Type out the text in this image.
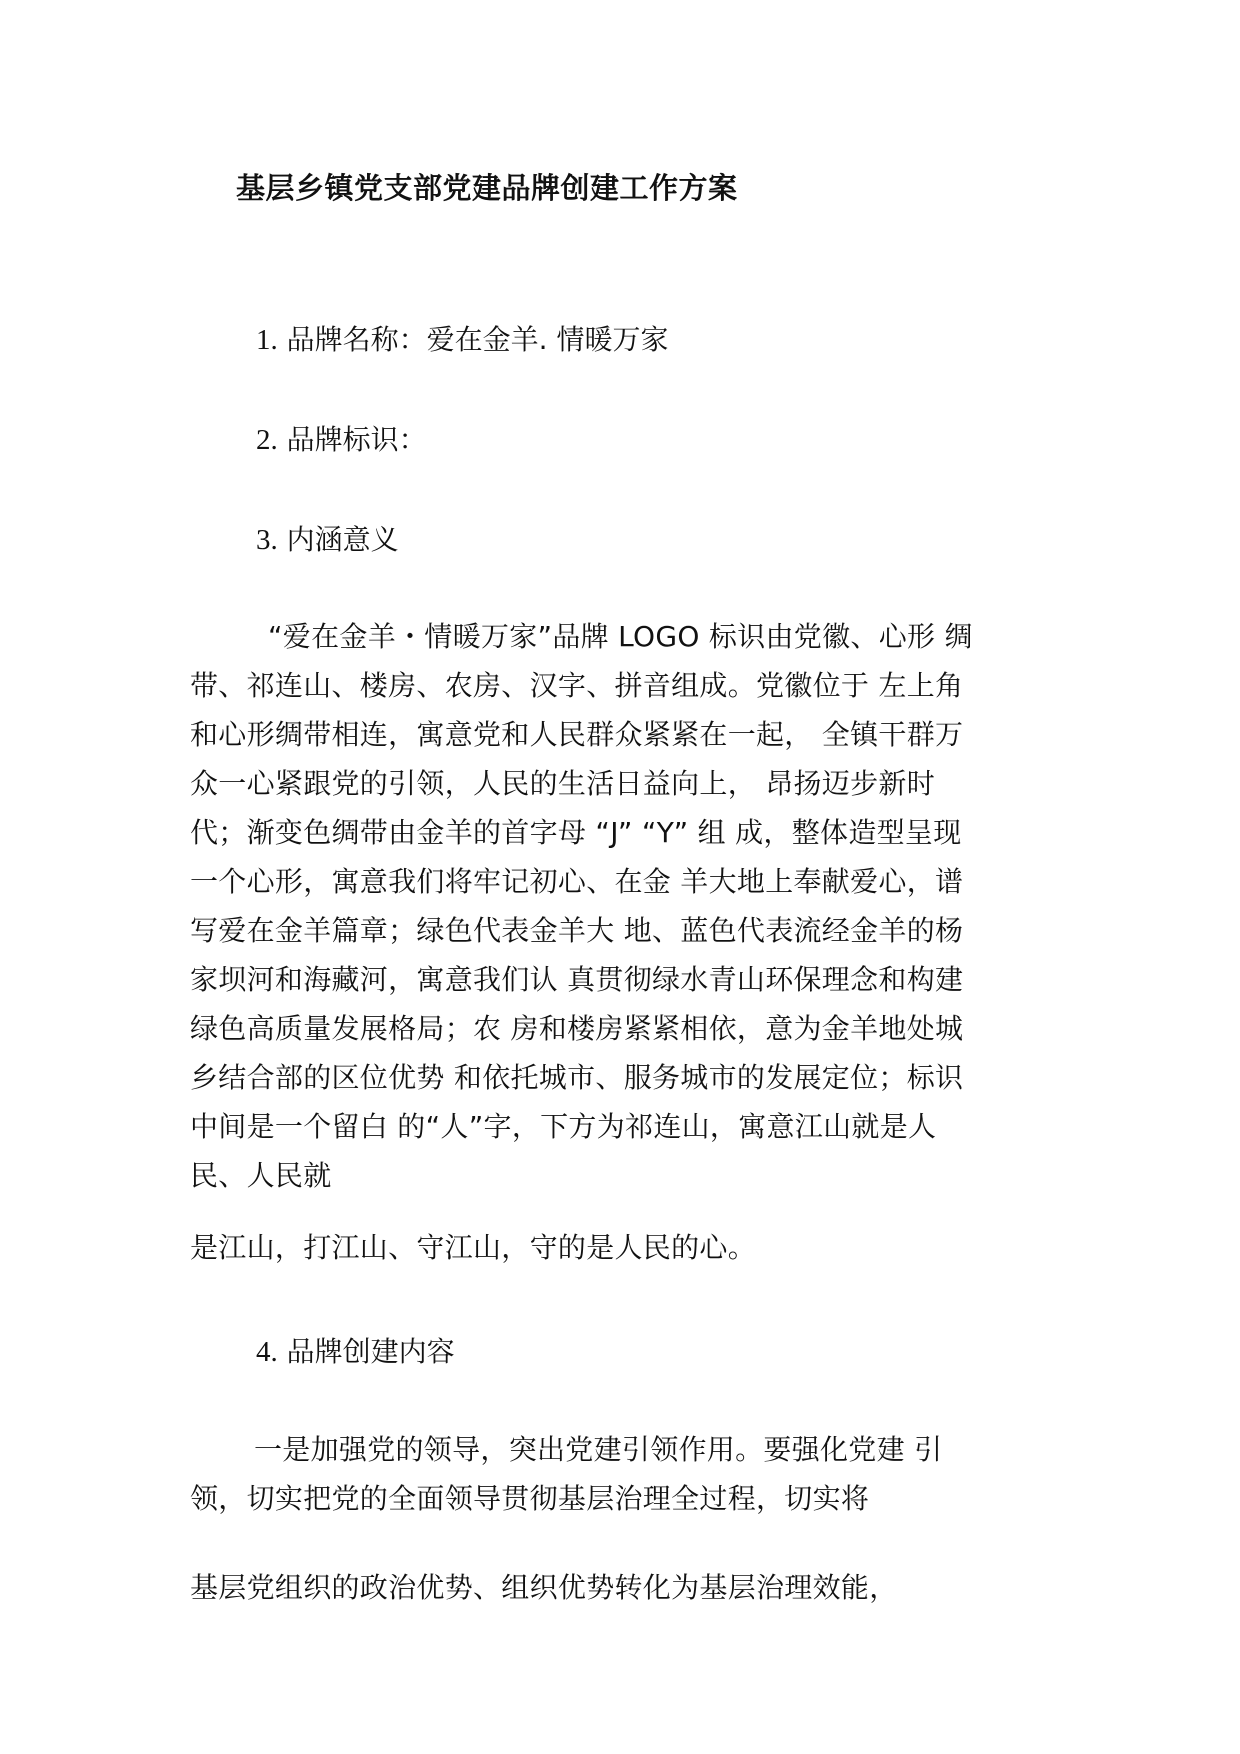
基层乡镇党支部党建品牌创建工作方案
1. 品牌名称：爱在金羊. 情暖万家
2. 品牌标识：
3. 内涵意义
“爱在金羊・情暖万家”品牌 LOGO 标识由党徽、心形 绸
带、祁连山、楼房、农房、汉字、拼音组成。党徽位于 左上角
和心形绸带相连，寓意党和人民群众紧紧在一起， 全镇干群万
众一心紧跟党的引领，人民的生活日益向上， 昂扬迈步新时
代；渐变色绸带由金羊的首字母 “J” “Y” 组 成，整体造型呈现
一个心形，寓意我们将牢记初心、在金 羊大地上奉献爱心，谱
写爱在金羊篇章；绿色代表金羊大 地、蓝色代表流经金羊的杨
家坝河和海藏河，寓意我们认 真贯彻绿水青山环保理念和构建
绿色高质量发展格局；农 房和楼房紧紧相依，意为金羊地处城
乡结合部的区位优势 和依托城市、服务城市的发展定位；标识
中间是一个留白 的“人”字，下方为祁连山，寓意江山就是人
民、人民就
是江山，打江山、守江山，守的是人民的心。
4. 品牌创建内容
一是加强党的领导，突出党建引领作用。要强化党建 引
领，切实把党的全面领导贯彻基层治理全过程，切实将
基层党组织的政治优势、组织优势转化为基层治理效能，
